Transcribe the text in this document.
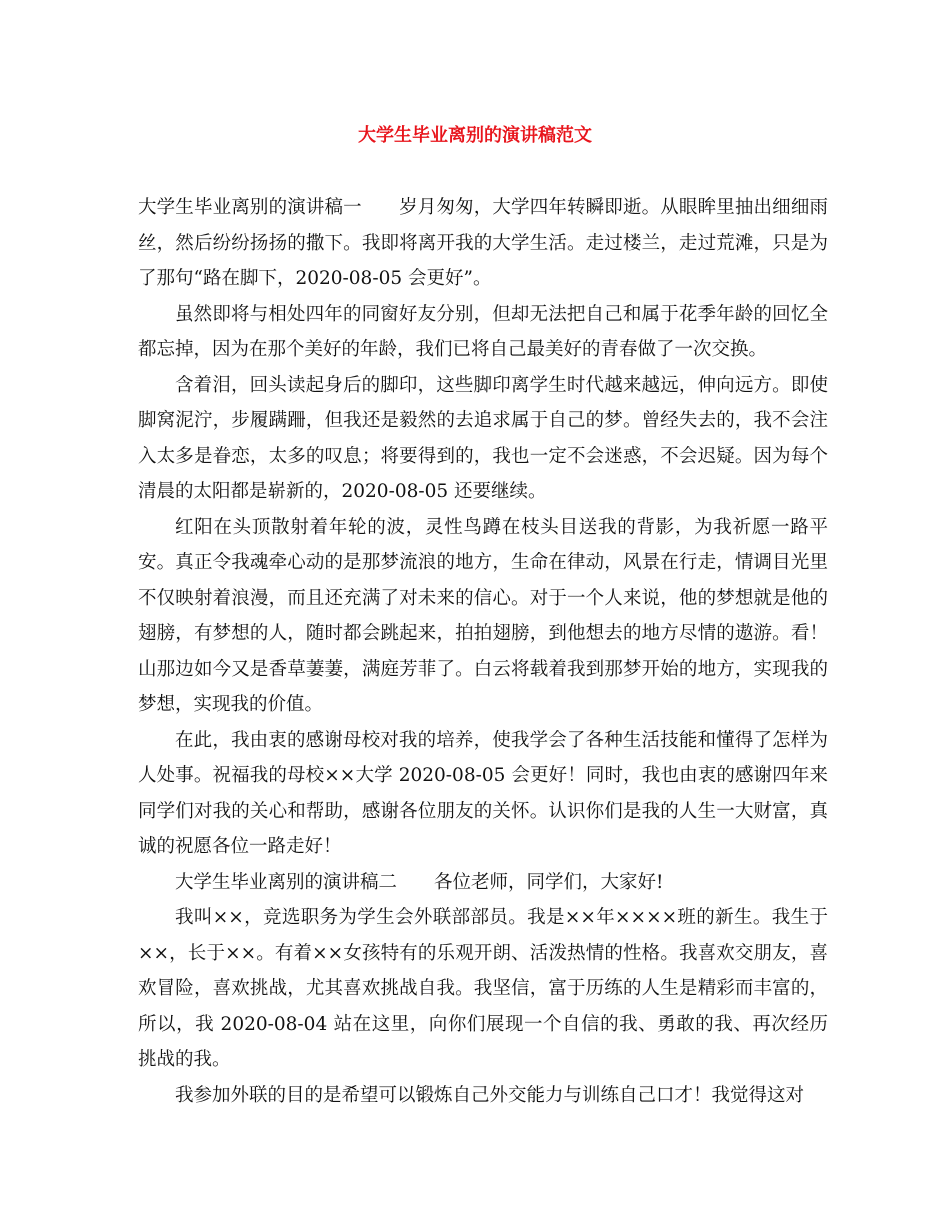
大学生毕业离别的演讲稿范文

大学生毕业离别的演讲稿一　　岁月匆匆，大学四年转瞬即逝。从眼眸里抽出细细雨丝，然后纷纷扬扬的撒下。我即将离开我的大学生活。走过楼兰，走过荒滩，只是为了那句“路在脚下，2020-08-05 会更好”。

虽然即将与相处四年的同窗好友分别，但却无法把自己和属于花季年龄的回忆全都忘掉，因为在那个美好的年龄，我们已将自己最美好的青春做了一次交换。

含着泪，回头读起身后的脚印，这些脚印离学生时代越来越远，伸向远方。即使脚窝泥泞，步履蹒跚，但我还是毅然的去追求属于自己的梦。曾经失去的，我不会注入太多是眷恋，太多的叹息；将要得到的，我也一定不会迷惑，不会迟疑。因为每个清晨的太阳都是崭新的，2020-08-05 还要继续。

红阳在头顶散射着年轮的波，灵性鸟蹲在枝头目送我的背影，为我祈愿一路平安。真正令我魂牵心动的是那梦流浪的地方，生命在律动，风景在行走，情调目光里不仅映射着浪漫，而且还充满了对未来的信心。对于一个人来说，他的梦想就是他的翅膀，有梦想的人，随时都会跳起来，拍拍翅膀，到他想去的地方尽情的遨游。看！山那边如今又是香草萋萋，满庭芳菲了。白云将载着我到那梦开始的地方，实现我的梦想，实现我的价值。

在此，我由衷的感谢母校对我的培养，使我学会了各种生活技能和懂得了怎样为人处事。祝福我的母校××大学 2020-08-05 会更好！同时，我也由衷的感谢四年来同学们对我的关心和帮助，感谢各位朋友的关怀。认识你们是我的人生一大财富，真诚的祝愿各位一路走好！

大学生毕业离别的演讲稿二　　各位老师，同学们，大家好!

我叫××，竞选职务为学生会外联部部员。我是××年××××班的新生。我生于××，长于××。有着××女孩特有的乐观开朗、活泼热情的性格。我喜欢交朋友，喜欢冒险，喜欢挑战，尤其喜欢挑战自我。我坚信，富于历练的人生是精彩而丰富的，所以，我 2020-08-04 站在这里，向你们展现一个自信的我、勇敢的我、再次经历挑战的我。

我参加外联的目的是希望可以锻炼自己外交能力与训练自己口才！我觉得这对
